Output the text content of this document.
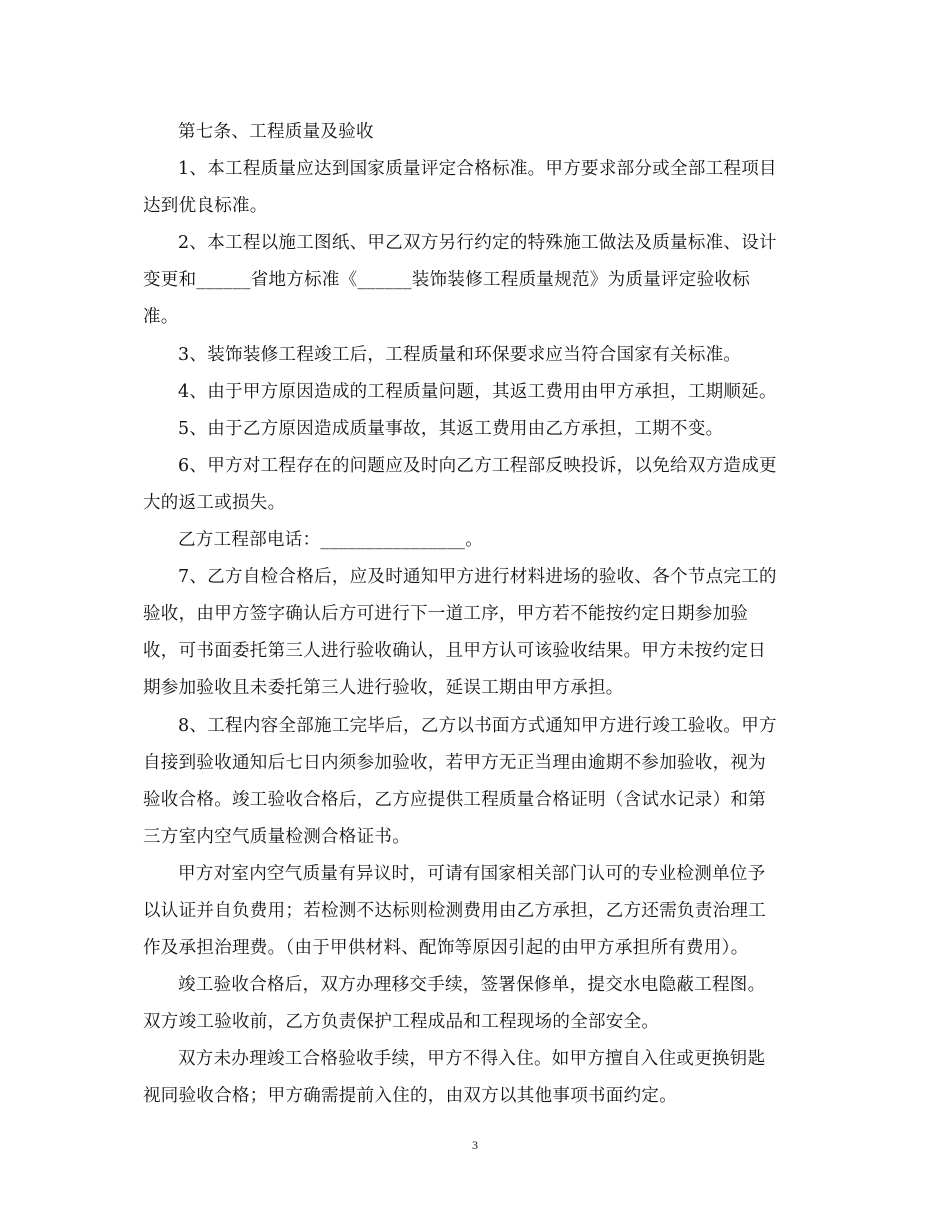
第七条、工程质量及验收
1、本工程质量应达到国家质量评定合格标准。甲方要求部分或全部工程项目
达到优良标准。
2、本工程以施工图纸、甲乙双方另行约定的特殊施工做法及质量标准、设计
变更和______省地方标准《______装饰装修工程质量规范》为质量评定验收标
准。
3、装饰装修工程竣工后，工程质量和环保要求应当符合国家有关标准。
4、由于甲方原因造成的工程质量问题，其返工费用由甲方承担，工期顺延。
5、由于乙方原因造成质量事故，其返工费用由乙方承担，工期不变。
6、甲方对工程存在的问题应及时向乙方工程部反映投诉，以免给双方造成更
大的返工或损失。
乙方工程部电话：________________。
7、乙方自检合格后，应及时通知甲方进行材料进场的验收、各个节点完工的
验收，由甲方签字确认后方可进行下一道工序，甲方若不能按约定日期参加验
收，可书面委托第三人进行验收确认，且甲方认可该验收结果。甲方未按约定日
期参加验收且未委托第三人进行验收，延误工期由甲方承担。
8、工程内容全部施工完毕后，乙方以书面方式通知甲方进行竣工验收。甲方
自接到验收通知后七日内须参加验收，若甲方无正当理由逾期不参加验收，视为
验收合格。竣工验收合格后，乙方应提供工程质量合格证明（含试水记录）和第
三方室内空气质量检测合格证书。
甲方对室内空气质量有异议时，可请有国家相关部门认可的专业检测单位予
以认证并自负费用；若检测不达标则检测费用由乙方承担，乙方还需负责治理工
作及承担治理费。（由于甲供材料、配饰等原因引起的由甲方承担所有费用）。
竣工验收合格后，双方办理移交手续，签署保修单，提交水电隐蔽工程图。
双方竣工验收前，乙方负责保护工程成品和工程现场的全部安全。
双方未办理竣工合格验收手续，甲方不得入住。如甲方擅自入住或更换钥匙
视同验收合格；甲方确需提前入住的，由双方以其他事项书面约定。
3
